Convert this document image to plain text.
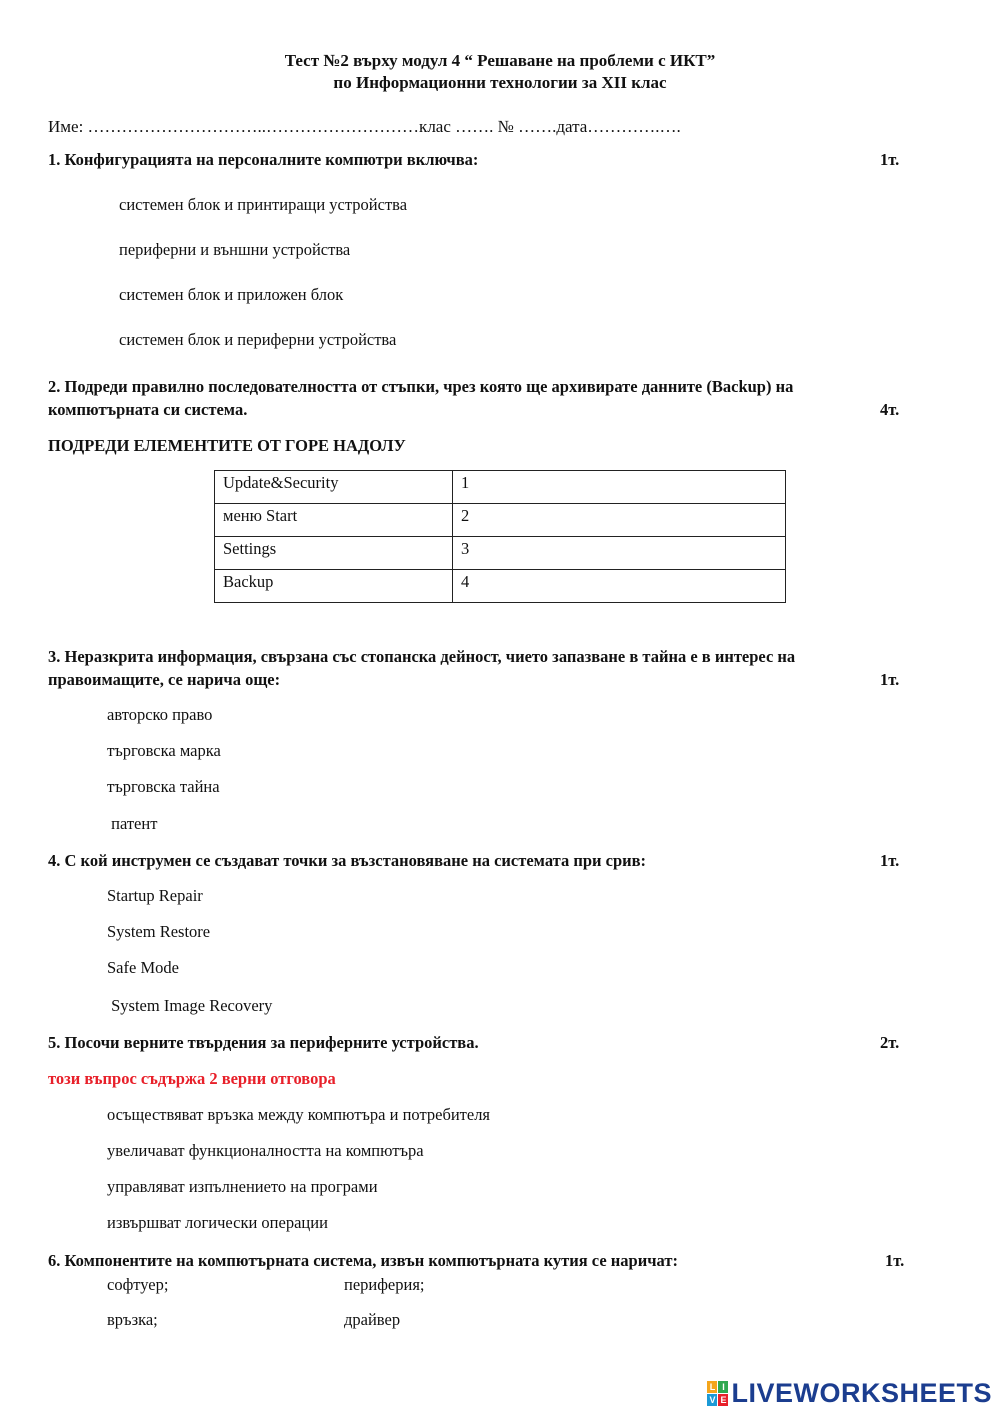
Тест №2 върху модул 4 “ Решаване на проблеми с ИКТ”
по Информационни технологии за XII клас
Име: …………………………..………………………клас ……. № …….дата………….….
1. Конфигурацията на персоналните компютри включва:	1т.
системен блок и принтиращи устройства
периферни и външни устройства
системен блок и приложен блок
системен блок и периферни устройства
2. Подреди правилно последователността от стъпки, чрез която ще архивирате данните (Backup) на
компютърната си система.	4т.
ПОДРЕДИ ЕЛЕМЕНТИТЕ ОТ ГОРЕ НАДОЛУ
Update&Security	1
меню Start	2
Settings	3
Backup	4
3. Неразкрита информация, свързана със стопанска дейност, чието запазване в тайна е в интерес на
правоимащите, се нарича още:	1т.
авторско право
търговска марка
търговска тайна
патент
4. С кой инструмен се създават точки за възстановяване на системата при срив:	1т.
Startup Repair
System Restore
Safe Mode
System Image Recovery
5. Посочи верните твърдения за периферните устройства.	2т.
този въпрос съдържа 2 верни отговора
осъществяват връзка между компютъра и потребителя
увеличават функционалността на компютъра
управляват изпълнението на програми
извършват логически операции
6. Компонентите на компютърната система, извън компютърната кутия се наричат:	1т.
софтуер;	периферия;
връзка;	драйвер
L I
V E LIVEWORKSHEETS
